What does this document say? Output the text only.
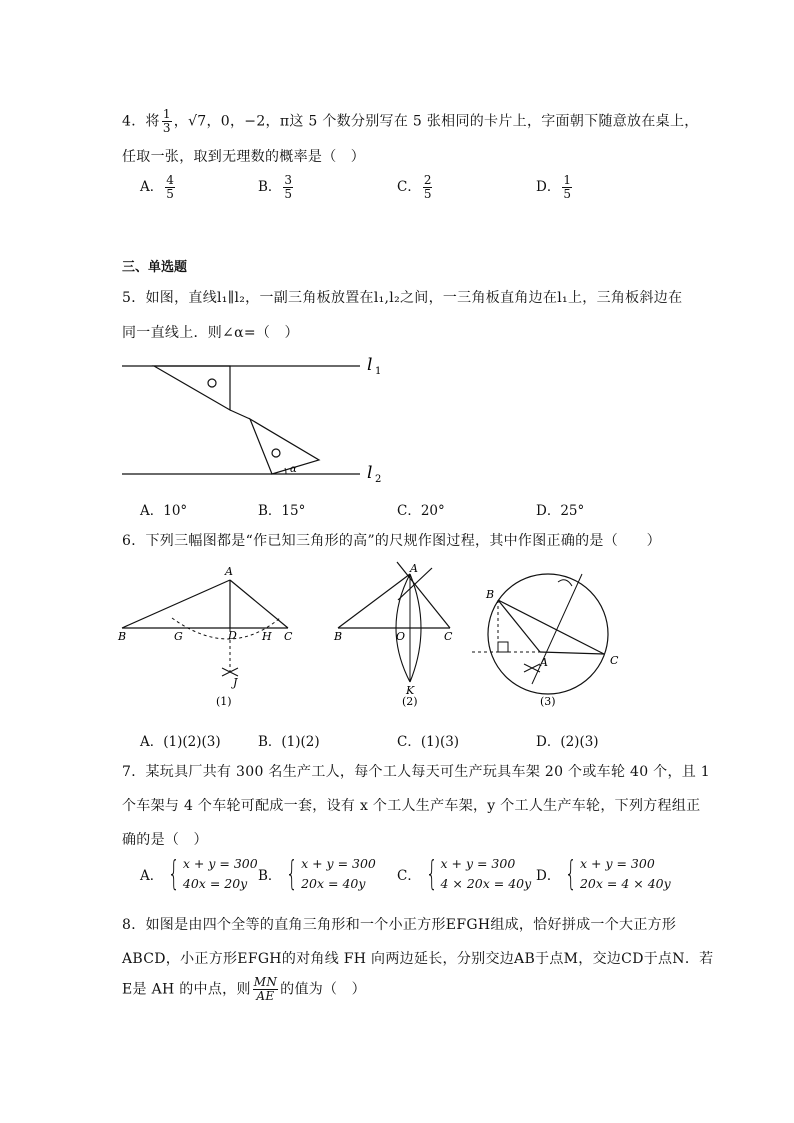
4．将 $\frac{1}{3}$ ，√7，0，−2，π这 5 个数分别写在 5 张相同的卡片上，字面朝下随意放在桌上，
任取一张，取到无理数的概率是（　）
A． $\frac{4}{5}$	B． $\frac{3}{5}$	C． $\frac{2}{5}$	D． $\frac{1}{5}$
三、单选题
5．如图，直线l₁∥l₂，一副三角板放置在l₁,l₂之间，一三角板直角边在l₁上，三角板斜边在
同一直线上．则∠α=（　）
α
l 1
l 2
A．10°	B．15°	C．20°	D．25°
6．下列三幅图都是“作已知三角形的高”的尺规作图过程，其中作图正确的是（　　）
A
B	G	D H C
J
(1)
A
B	O	C
K
(2)
B
A	C
(3)
A．(1)(2)(3)	B．(1)(2)	C．(1)(3)	D．(2)(3)
7．某玩具厂共有 300 名生产工人，每个工人每天可生产玩具车架 20 个或车轮 40 个，且 1
个车架与 4 个车轮可配成一套，设有 x 个工人生产车架，y 个工人生产车轮，下列方程组正
确的是（　）
A． { x + y = 300
40x = 20y B． { x + y = 300
20x = 40y	C． { x + y = 300
4 × 20x = 40y D． { x + y = 300
20x = 4 × 40y
8．如图是由四个全等的直角三角形和一个小正方形EFGH组成，恰好拼成一个大正方形
ABCD，小正方形EFGH的对角线 FH 向两边延长，分别交边AB于点M，交边CD于点N．若
E是 AH 的中点，则 $\frac{MN}{AE}$ 的值为（　）
